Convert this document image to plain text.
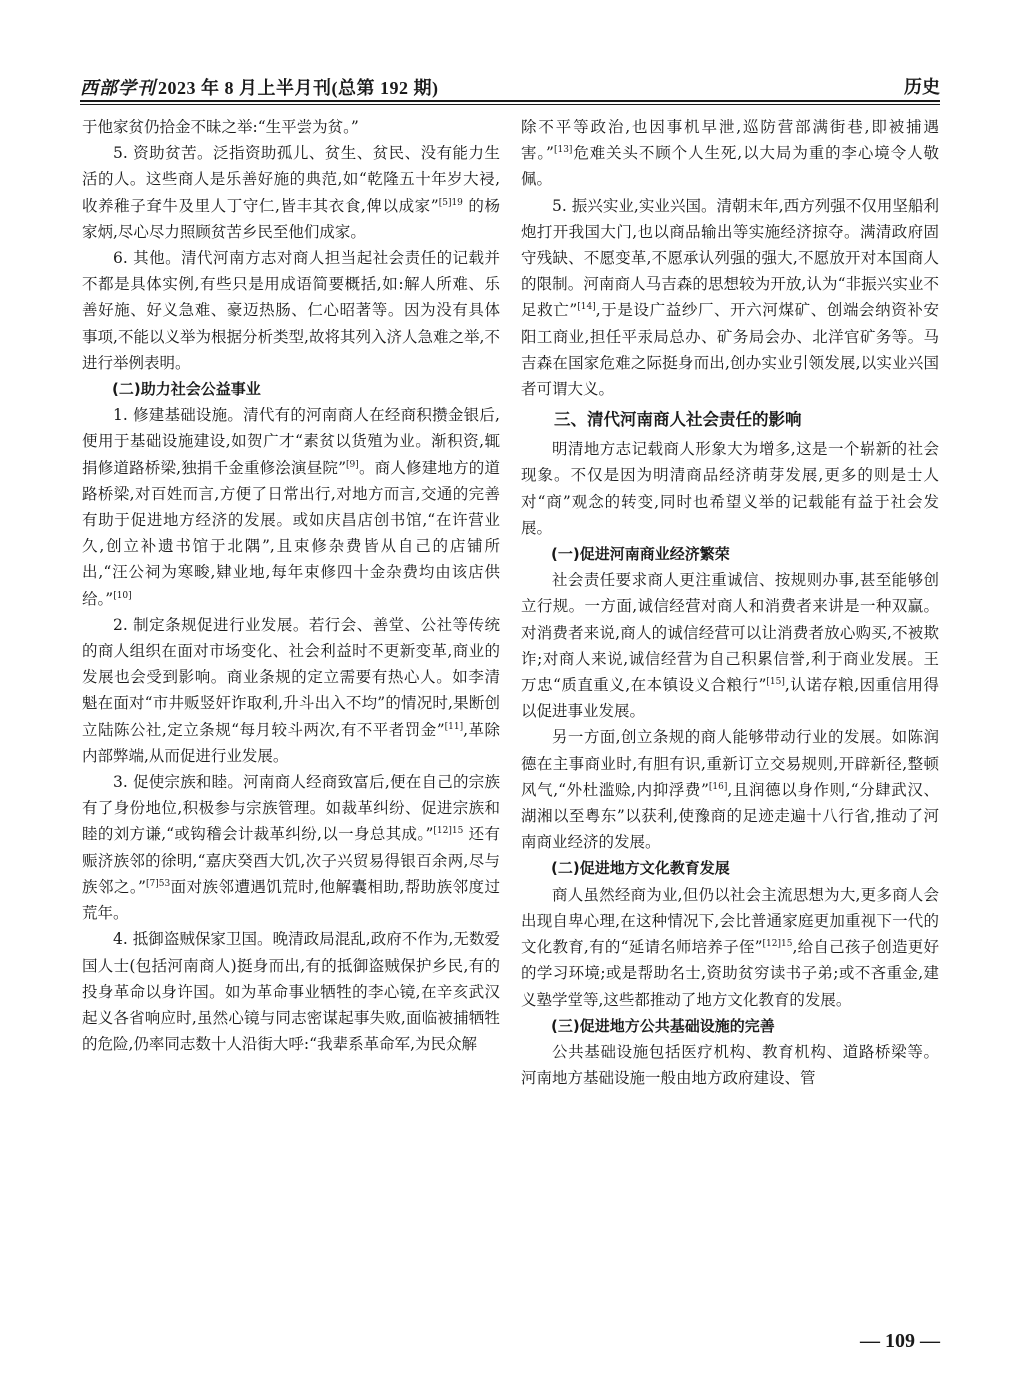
西部学刊 2023 年 8 月上半月刊(总第 192 期)	历史

于他家贫仍拾金不昧之举:“生平尝为贫。”

5. 资助贫苦。泛指资助孤儿、贫生、贫民、没有能力生活的人。这些商人是乐善好施的典范,如“乾隆五十年岁大祲,收养稚子耷牛及里人丁守仁,皆丰其衣食,俾以成家”$^{[5]19}$ 的杨家炳,尽心尽力照顾贫苦乡民至他们成家。

6. 其他。清代河南方志对商人担当起社会责任的记载并不都是具体实例,有些只是用成语简要概括,如:解人所难、乐善好施、好义急难、豪迈热肠、仁心昭著等。因为没有具体事项,不能以义举为根据分析类型,故将其列入济人急难之举,不进行举例表明。

(二)助力社会公益事业

1. 修建基础设施。清代有的河南商人在经商积攒金银后,便用于基础设施建设,如贺广才“素贫以货殖为业。渐积资,辄捐修道路桥梁,独捐千金重修浍演昼院”[9]。商人修建地方的道路桥梁,对百姓而言,方便了日常出行,对地方而言,交通的完善有助于促进地方经济的发展。或如庆昌店创书馆,“在许营业久,创立补遗书馆于北隅”,且束修杂费皆从自己的店铺所出,“汪公祠为寒畯,肄业地,每年束修四十金杂费均由该店供给。”[10]

2. 制定条规促进行业发展。若行会、善堂、公社等传统的商人组织在面对市场变化、社会利益时不更新变革,商业的发展也会受到影响。商业条规的定立需要有热心人。如李清魁在面对“市井贩竖奸诈取利,升斗出入不均”的情况时,果断创立陆陈公社,定立条规“每月较斗两次,有不平者罚金”[11],革除内部弊端,从而促进行业发展。

3. 促使宗族和睦。河南商人经商致富后,便在自己的宗族有了身份地位,积极参与宗族管理。如裁革纠纷、促进宗族和睦的刘方谦,“或钩稽会计裁革纠纷,以一身总其成。”$^{[12]15}$ 还有赈济族邻的徐明,“嘉庆癸酉大饥,次子兴贸易得银百余两,尽与族邻之。”$^{[7]53}$面对族邻遭遇饥荒时,他解囊相助,帮助族邻度过荒年。

4. 抵御盗贼保家卫国。晚清政局混乱,政府不作为,无数爱国人士(包括河南商人)挺身而出,有的抵御盗贼保护乡民,有的投身革命以身许国。如为革命事业牺牲的李心镜,在辛亥武汉起义各省响应时,虽然心镜与同志密谋起事失败,面临被捕牺牲的危险,仍率同志数十人沿街大呼:“我辈系革命军,为民众解

除不平等政治,也因事机早泄,巡防营部满街巷,即被捕遇害。”[13]危难关头不顾个人生死,以大局为重的李心境令人敬佩。

5. 振兴实业,实业兴国。清朝末年,西方列强不仅用坚船利炮打开我国大门,也以商品输出等实施经济掠夺。满清政府固守残缺、不愿变革,不愿承认列强的强大,不愿放开对本国商人的限制。河南商人马吉森的思想较为开放,认为“非振兴实业不足救亡”[14],于是设广益纱厂、开六河煤矿、创端会纳资补安阳工商业,担任平汞局总办、矿务局会办、北洋官矿务等。马吉森在国家危难之际挺身而出,创办实业引领发展,以实业兴国者可谓大义。

三、清代河南商人社会责任的影响

明清地方志记载商人形象大为增多,这是一个崭新的社会现象。不仅是因为明清商品经济萌芽发展,更多的则是士人对“商”观念的转变,同时也希望义举的记载能有益于社会发展。

(一)促进河南商业经济繁荣

社会责任要求商人更注重诚信、按规则办事,甚至能够创立行规。一方面,诚信经营对商人和消费者来讲是一种双赢。对消费者来说,商人的诚信经营可以让消费者放心购买,不被欺诈;对商人来说,诚信经营为自己积累信誉,利于商业发展。王万忠“质直重义,在本镇设义合粮行”[15],认诺存粮,因重信用得以促进事业发展。

另一方面,创立条规的商人能够带动行业的发展。如陈润德在主事商业时,有胆有识,重新订立交易规则,开辟新径,整顿风气,“外杜滥赊,内抑浮费”[16],且润德以身作则,“分肆武汉、湖湘以至粤东”以获利,使豫商的足迹走遍十八行省,推动了河南商业经济的发展。

(二)促进地方文化教育发展

商人虽然经商为业,但仍以社会主流思想为大,更多商人会出现自卑心理,在这种情况下,会比普通家庭更加重视下一代的文化教育,有的“延请名师培养子侄”$^{[12]15}$,给自己孩子创造更好的学习环境;或是帮助名士,资助贫穷读书子弟;或不吝重金,建义塾学堂等,这些都推动了地方文化教育的发展。

(三)促进地方公共基础设施的完善

公共基础设施包括医疗机构、教育机构、道路桥梁等。河南地方基础设施一般由地方政府建设、管

— 109 —
